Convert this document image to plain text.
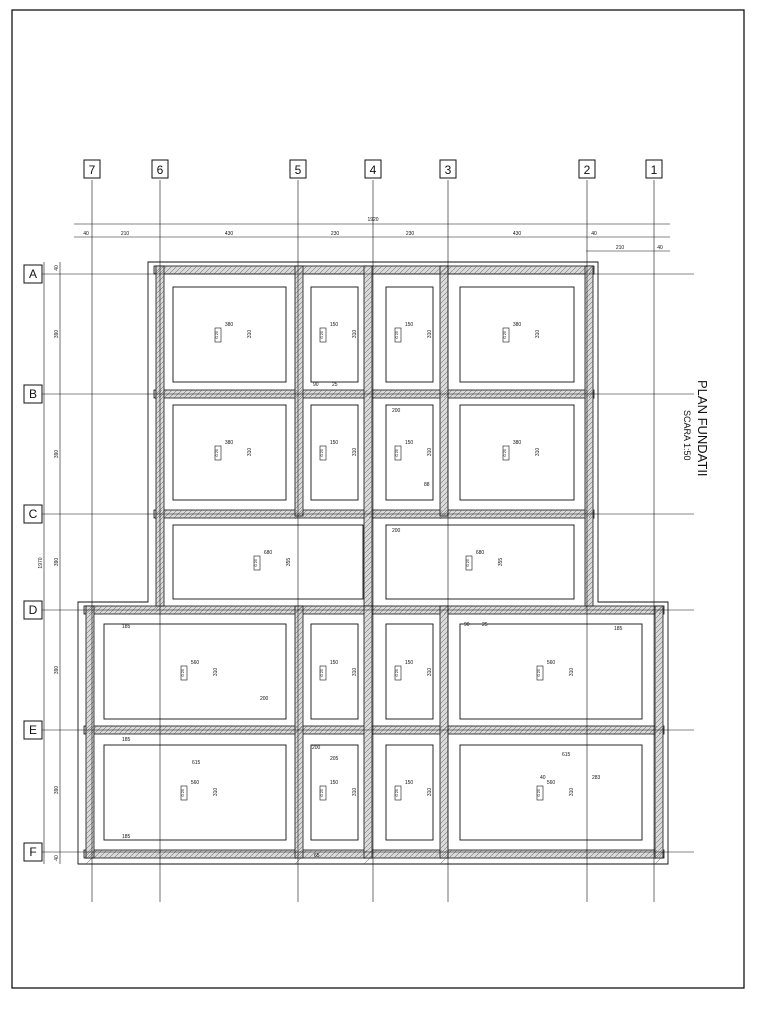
7	6	5	4	3	2	1
A
B
C
D
E
F
1920
40	210	430	230	230	430	40
210	40
40
390
390
390
390
390
40
1970
380
310
G 20
150
310
G 20
150
310
G 20
380
310
G 20
380
310
G 20
150
310
G 20
150
310
G 20
380
310
G 20
680
355
G 20
680
355
G 20
560
310
G 20
150
310
G 20
150
310
G 20
560
310
G 20
560
310
G 20
150
310
G 20
150
310
G 20
560
310
G 20
615
615
283
40
185
185
185
185
200
200
200
200
205
90
90
25
25
88
65
PLAN FUNDATII
SCARA 1:50
